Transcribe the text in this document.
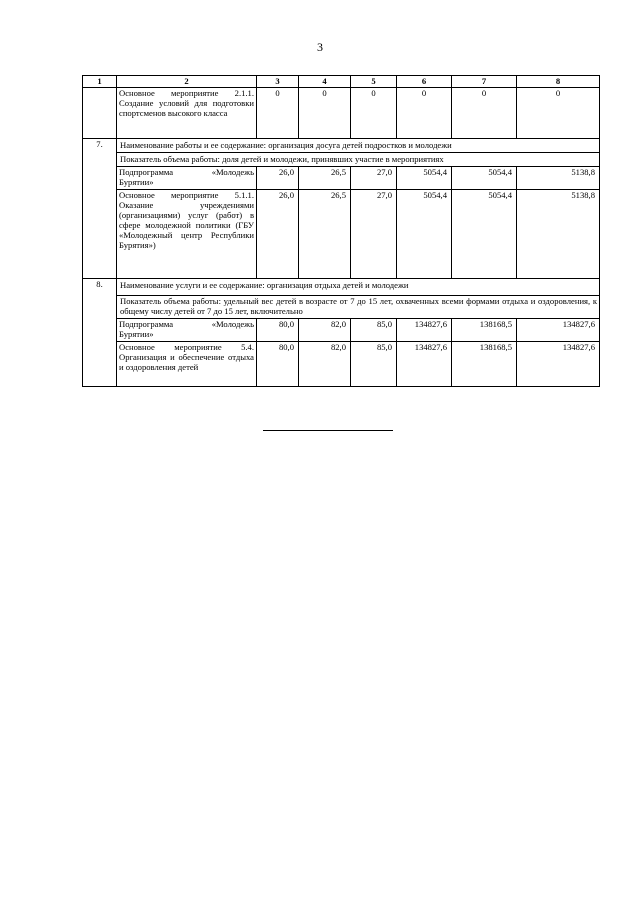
3
1	2	3	4	5	6	7	8
	Основное мероприятие 2.1.1. Создание условий для подготовки спортсменов высокого класса	0	0	0	0	0	0
7.	Наименование работы и ее содержание: организация досуга детей подростков и молодежи						
	Показатель объема работы: доля детей и молодежи, принявших участие в мероприятиях						
	Подпрограмма «Молодежь Бурятии»	26,0	26,5	27,0	5054,4	5054,4	5138,8
	Основное мероприятие 5.1.1. Оказание учреждениями (организациями) услуг (работ) в сфере молодежной политики (ГБУ «Молодежный центр Республики Бурятия»)	26,0	26,5	27,0	5054,4	5054,4	5138,8
8.	Наименование услуги и ее содержание: организация отдыха детей и молодежи						
	Показатель объема работы: удельный вес детей в возрасте от 7 до 15 лет, охваченных всеми формами отдыха и оздоровления, к общему числу детей от 7 до 15 лет, включительно						
	Подпрограмма «Молодежь Бурятии»	80,0	82,0	85,0	134827,6	138168,5	134827,6
	Основное мероприятие 5.4. Организация и обеспечение отдыха и оздоровления детей	80,0	82,0	85,0	134827,6	138168,5	134827,6
